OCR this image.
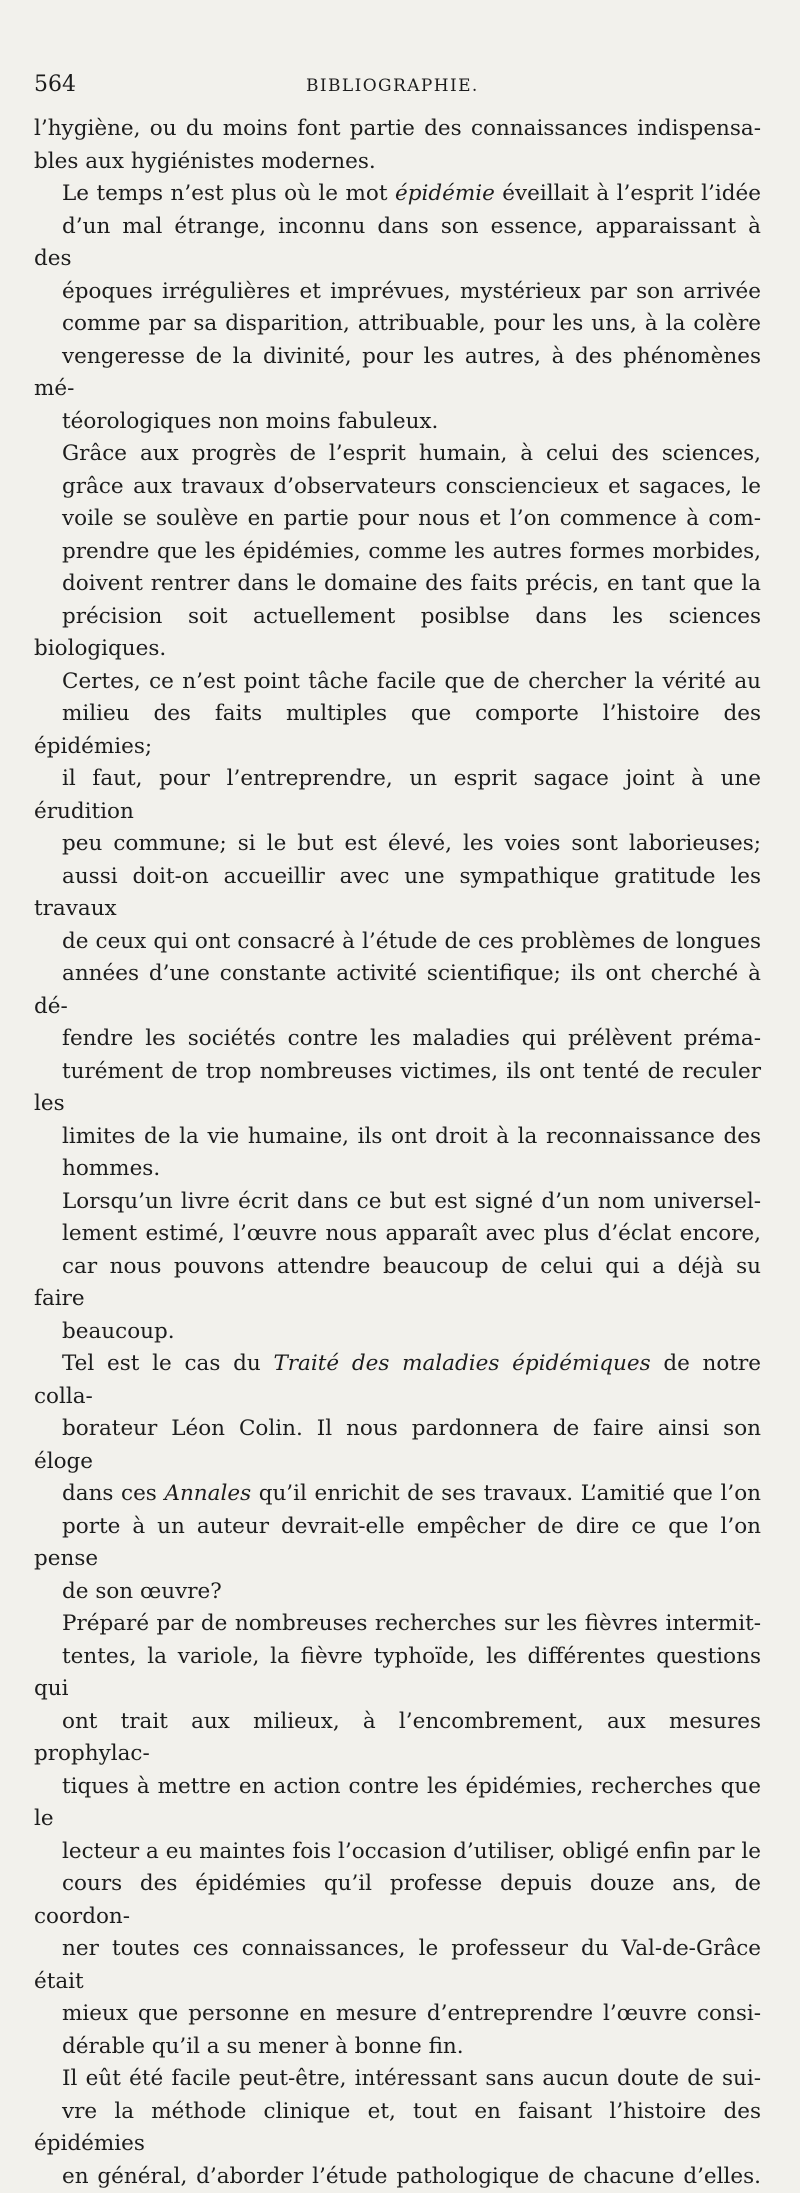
564	BIBLIOGRAPHIE.
l’hygiène, ou du moins font partie des connaissances indispensa-
bles aux hygiénistes modernes.
Le temps n’est plus où le mot épidémie éveillait à l’esprit l’idée
d’un mal étrange, inconnu dans son essence, apparaissant à des
époques irrégulières et imprévues, mystérieux par son arrivée
comme par sa disparition, attribuable, pour les uns, à la colère
vengeresse de la divinité, pour les autres, à des phénomènes mé-
téorologiques non moins fabuleux.
Grâce aux progrès de l’esprit humain, à celui des sciences,
grâce aux travaux d’observateurs consciencieux et sagaces, le
voile se soulève en partie pour nous et l’on commence à com-
prendre que les épidémies, comme les autres formes morbides,
doivent rentrer dans le domaine des faits précis, en tant que la
précision soit actuellement posiblse dans les sciences biologiques.
Certes, ce n’est point tâche facile que de chercher la vérité au
milieu des faits multiples que comporte l’histoire des épidémies;
il faut, pour l’entreprendre, un esprit sagace joint à une érudition
peu commune; si le but est élevé, les voies sont laborieuses;
aussi doit-on accueillir avec une sympathique gratitude les travaux
de ceux qui ont consacré à l’étude de ces problèmes de longues
années d’une constante activité scientifique; ils ont cherché à dé-
fendre les sociétés contre les maladies qui prélèvent préma-
turément de trop nombreuses victimes, ils ont tenté de reculer les
limites de la vie humaine, ils ont droit à la reconnaissance des
hommes.
Lorsqu’un livre écrit dans ce but est signé d’un nom universel-
lement estimé, l’œuvre nous apparaît avec plus d’éclat encore,
car nous pouvons attendre beaucoup de celui qui a déjà su faire
beaucoup.
Tel est le cas du Traité des maladies épidémiques de notre colla-
borateur Léon Colin. Il nous pardonnera de faire ainsi son éloge
dans ces Annales qu’il enrichit de ses travaux. L’amitié que l’on
porte à un auteur devrait-elle empêcher de dire ce que l’on pense
de son œuvre?
Préparé par de nombreuses recherches sur les fièvres intermit-
tentes, la variole, la fièvre typhoïde, les différentes questions qui
ont trait aux milieux, à l’encombrement, aux mesures prophylac-
tiques à mettre en action contre les épidémies, recherches que le
lecteur a eu maintes fois l’occasion d’utiliser, obligé enfin par le
cours des épidémies qu’il professe depuis douze ans, de coordon-
ner toutes ces connaissances, le professeur du Val-de-Grâce était
mieux que personne en mesure d’entreprendre l’œuvre consi-
dérable qu’il a su mener à bonne fin.
Il eût été facile peut-être, intéressant sans aucun doute de sui-
vre la méthode clinique et, tout en faisant l’histoire des épidémies
en général, d’aborder l’étude pathologique de chacune d’elles.
